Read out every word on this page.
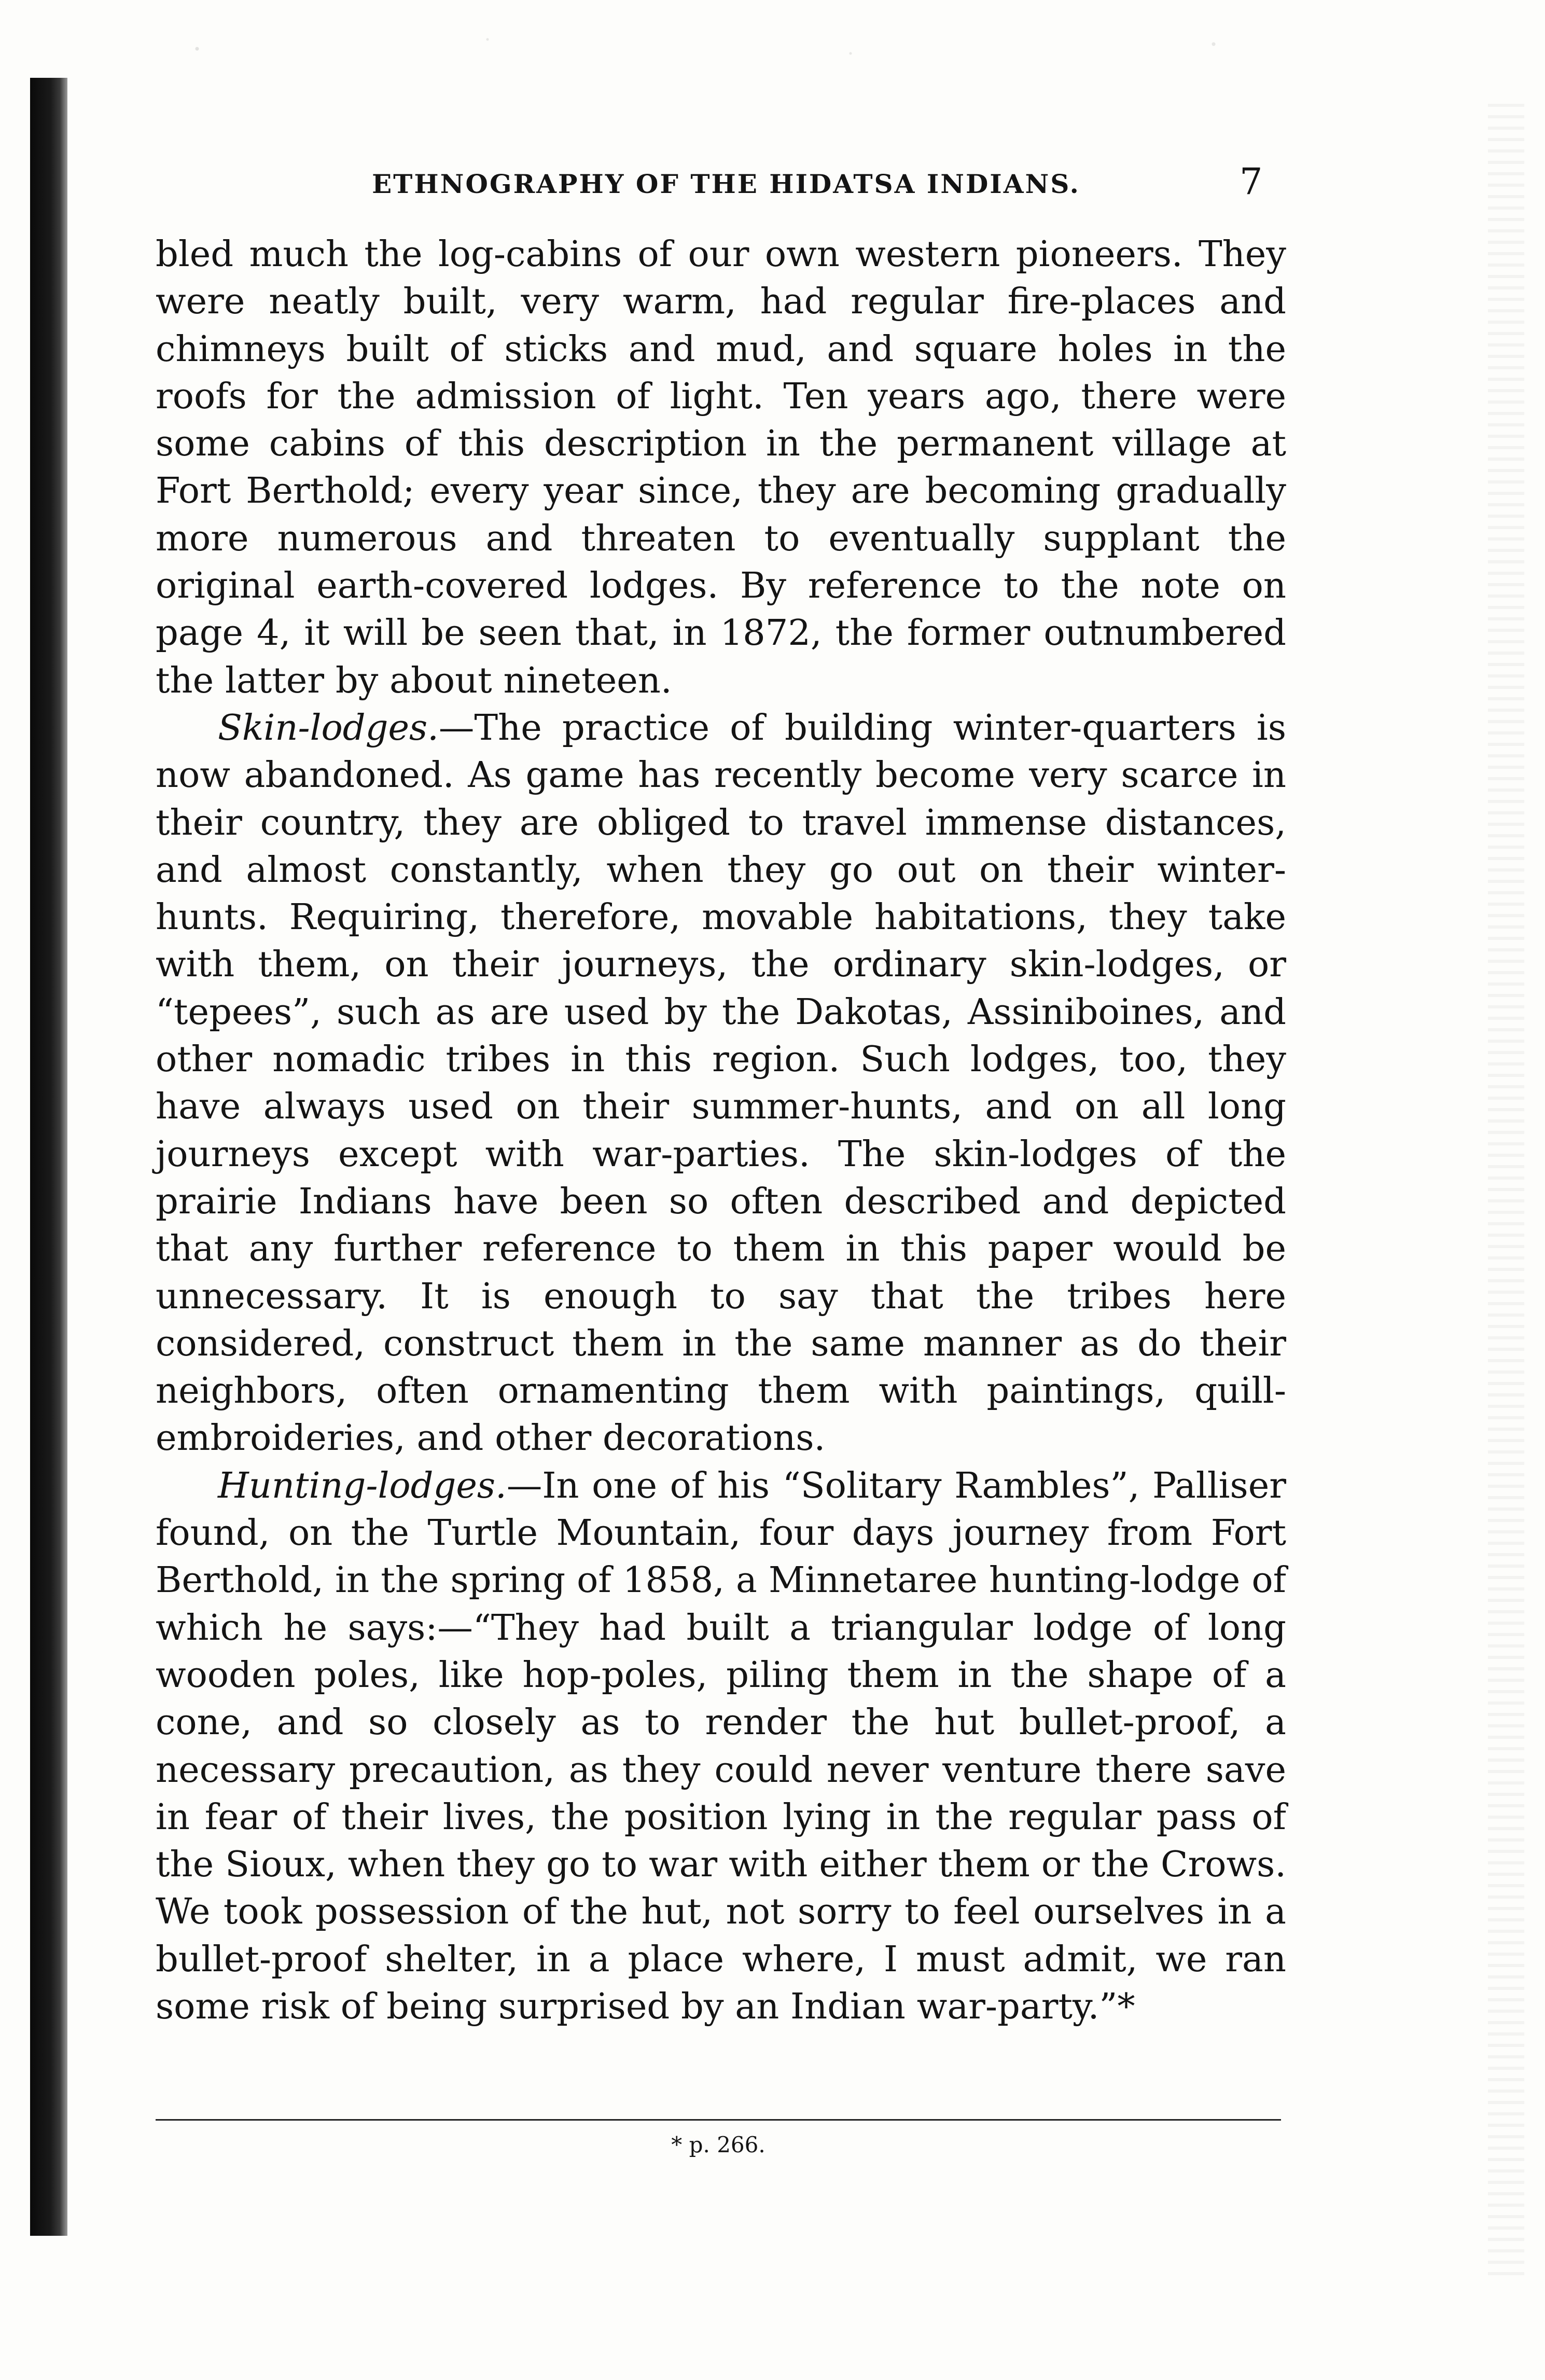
ETHNOGRAPHY OF THE HIDATSA INDIANS.	7

bled much the log-cabins of our own western pioneers. They were neatly built, very warm, had regular fire-places and chimneys built of sticks and mud, and square holes in the roofs for the admission of light. Ten years ago, there were some cabins of this description in the permanent village at Fort Berthold; every year since, they are becoming gradually more numerous and threaten to eventually supplant the original earth-covered lodges. By reference to the note on page 4, it will be seen that, in 1872, the former outnumbered the latter by about nineteen.

Skin-lodges.—The practice of building winter-quarters is now abandoned. As game has recently become very scarce in their country, they are obliged to travel immense distances, and almost constantly, when they go out on their winter-hunts. Requiring, therefore, movable habitations, they take with them, on their journeys, the ordinary skin-lodges, or “tepees”, such as are used by the Dakotas, Assiniboines, and other nomadic tribes in this region. Such lodges, too, they have always used on their summer-hunts, and on all long journeys except with war-parties. The skin-lodges of the prairie Indians have been so often described and depicted that any further reference to them in this paper would be unnecessary. It is enough to say that the tribes here considered, construct them in the same manner as do their neighbors, often ornamenting them with paintings, quill-embroideries, and other decorations.

Hunting-lodges.—In one of his “Solitary Rambles”, Palliser found, on the Turtle Mountain, four days journey from Fort Berthold, in the spring of 1858, a Minnetaree hunting-lodge of which he says:—“They had built a triangular lodge of long wooden poles, like hop-poles, piling them in the shape of a cone, and so closely as to render the hut bullet-proof, a necessary precaution, as they could never venture there save in fear of their lives, the position lying in the regular pass of the Sioux, when they go to war with either them or the Crows. We took possession of the hut, not sorry to feel ourselves in a bullet-proof shelter, in a place where, I must admit, we ran some risk of being surprised by an Indian war-party.”*

* p. 266.
